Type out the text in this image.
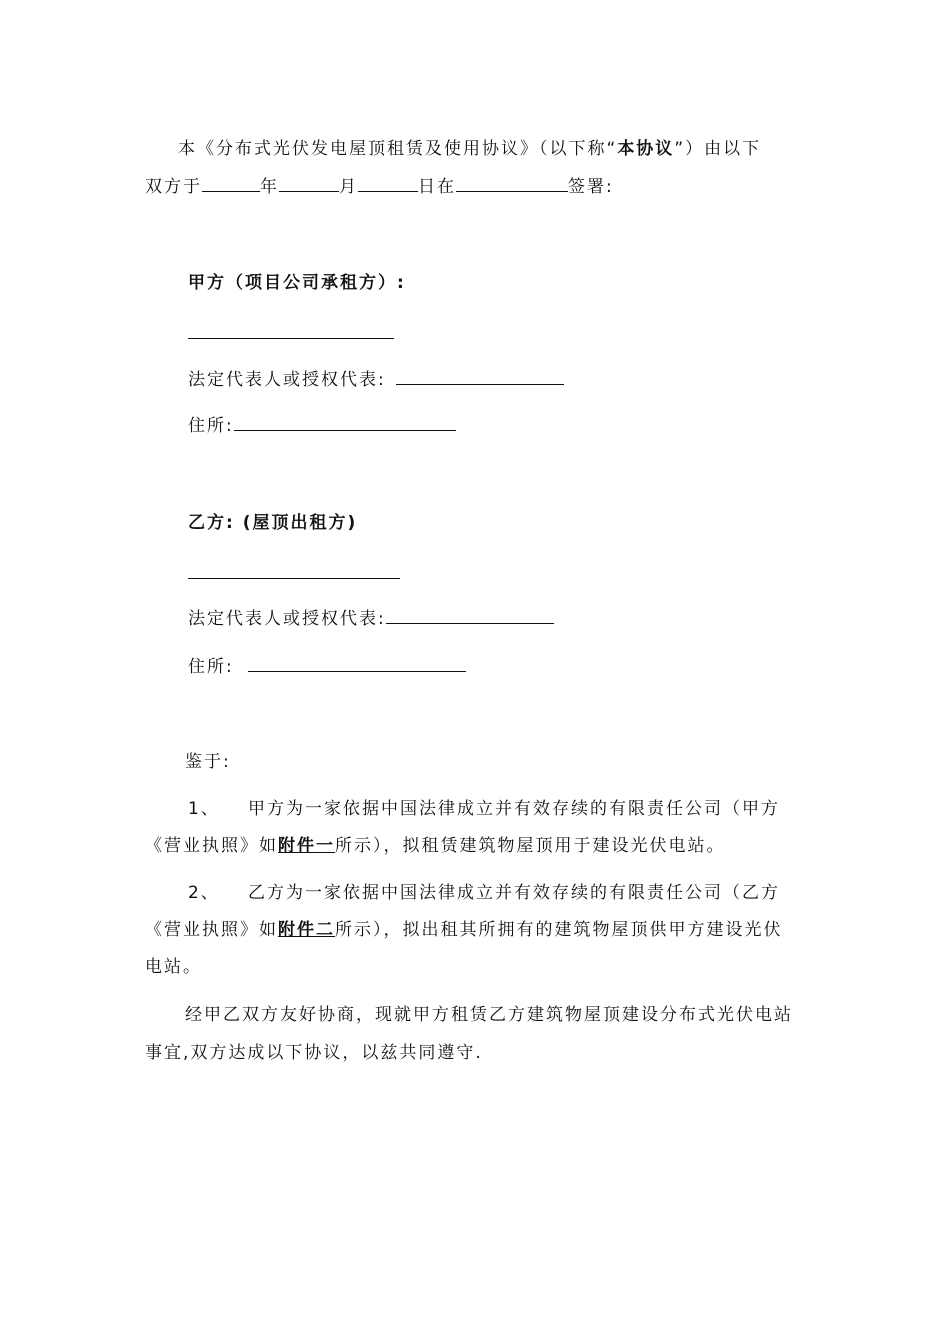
本《分布式光伏发电屋顶租赁及使用协议》（以下称“本协议”）由以下
双方于	年	月	日在	签署:
甲方（项目公司承租方）:
法定代表人或授权代表:
住所:
乙方: (屋顶出租方)
法定代表人或授权代表:
住所:
鉴于:
1、 甲方为一家依据中国法律成立并有效存续的有限责任公司（甲方
《营业执照》如附件一所示），拟租赁建筑物屋顶用于建设光伏电站。
2、 乙方为一家依据中国法律成立并有效存续的有限责任公司（乙方
《营业执照》如附件二所示），拟出租其所拥有的建筑物屋顶供甲方建设光伏
电站。
经甲乙双方友好协商，现就甲方租赁乙方建筑物屋顶建设分布式光伏电站
事宜,双方达成以下协议，以兹共同遵守.
